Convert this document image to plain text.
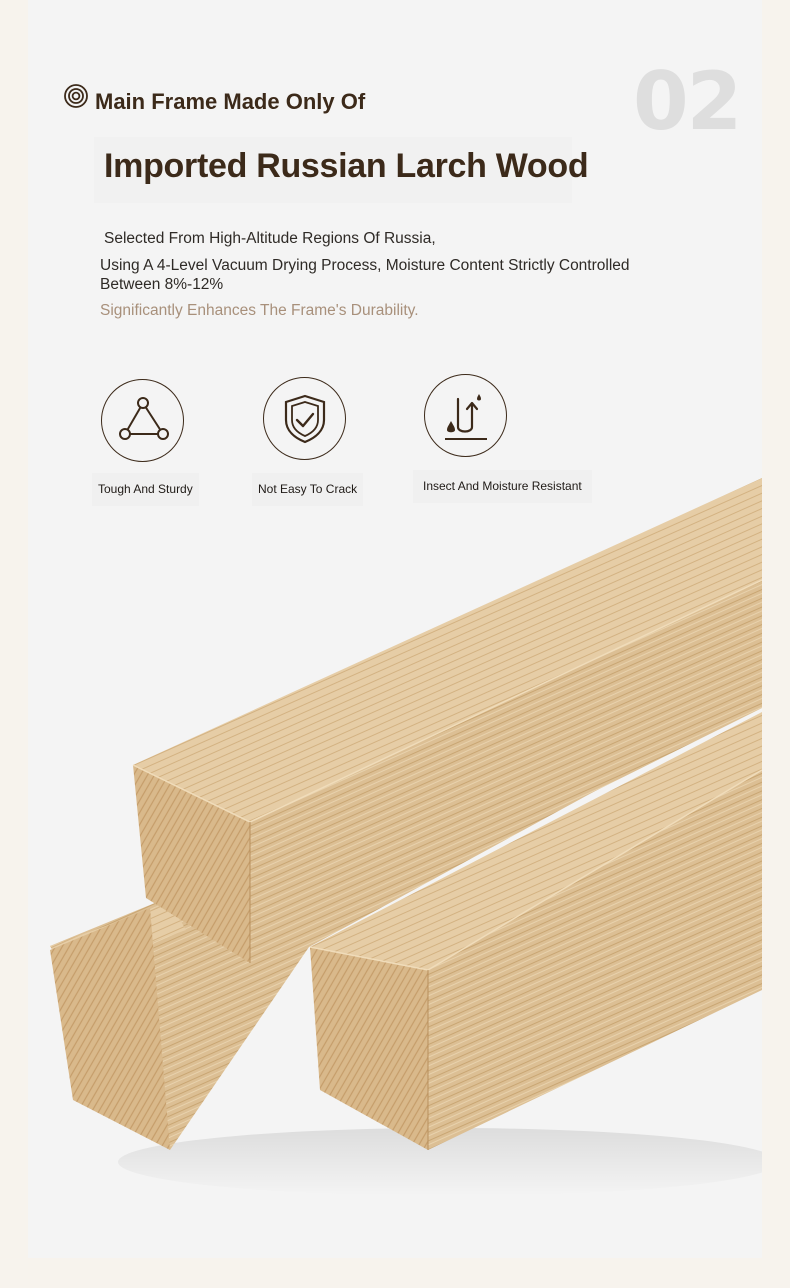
02
Main Frame Made Only Of
Imported Russian Larch Wood
Selected From High-Altitude Regions Of Russia,
Using A 4-Level Vacuum Drying Process, Moisture Content Strictly Controlled
Between 8%-12%
Significantly Enhances The Frame's Durability.
Tough And Sturdy	Not Easy To Crack	Insect And Moisture Resistant
